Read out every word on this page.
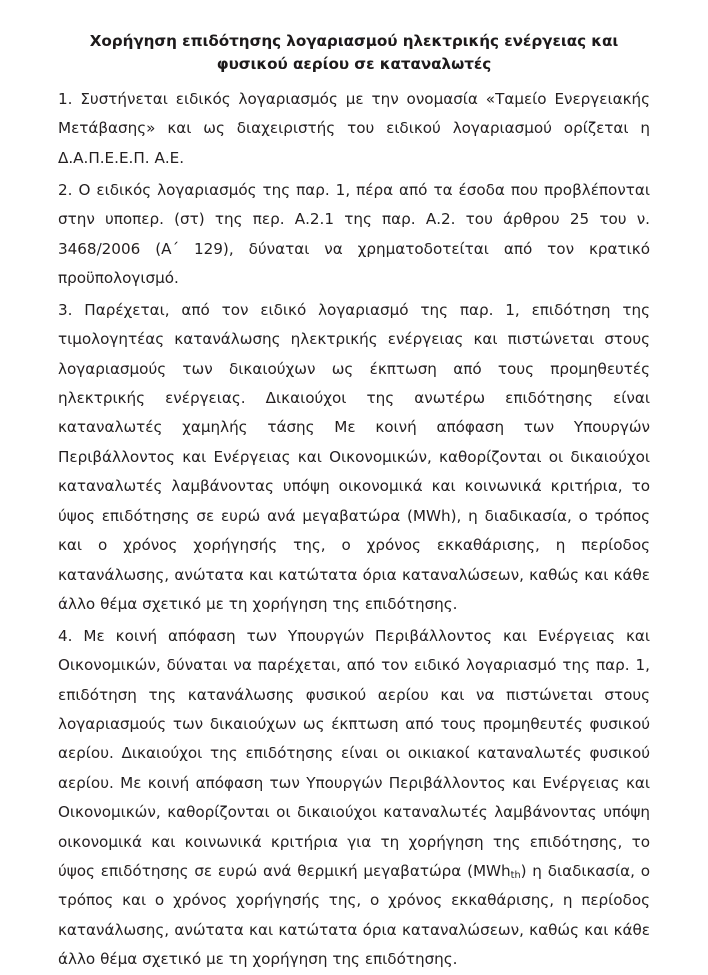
Χορήγηση επιδότησης λογαριασμού ηλεκτρικής ενέργειας και φυσικού αερίου σε καταναλωτές

1. Συστήνεται ειδικός λογαριασμός με την ονομασία «Ταμείο Ενεργειακής Μετάβασης» και ως διαχειριστής του ειδικού λογαριασμού ορίζεται η Δ.Α.Π.Ε.Ε.Π. Α.Ε.

2. Ο ειδικός λογαριασμός της παρ. 1, πέρα από τα έσοδα που προβλέπονται στην υποπερ. (στ) της περ. Α.2.1 της παρ. Α.2. του άρθρου 25 του ν. 3468/2006 (Α΄ 129), δύναται να χρηματοδοτείται από τον κρατικό προϋπολογισμό.

3. Παρέχεται, από τον ειδικό λογαριασμό της παρ. 1, επιδότηση της τιμολογητέας κατανάλωσης ηλεκτρικής ενέργειας και πιστώνεται στους λογαριασμούς των δικαιούχων ως έκπτωση από τους προμηθευτές ηλεκτρικής ενέργειας. Δικαιούχοι της ανωτέρω επιδότησης είναι καταναλωτές χαμηλής τάσης Με κοινή απόφαση των Υπουργών Περιβάλλοντος και Ενέργειας και Οικονομικών, καθορίζονται οι δικαιούχοι καταναλωτές λαμβάνοντας υπόψη οικονομικά και κοινωνικά κριτήρια, το ύψος επιδότησης σε ευρώ ανά μεγαβατώρα (MWh), η διαδικασία, ο τρόπος και ο χρόνος χορήγησής της, ο χρόνος εκκαθάρισης, η περίοδος κατανάλωσης, ανώτατα και κατώτατα όρια καταναλώσεων, καθώς και κάθε άλλο θέμα σχετικό με τη χορήγηση της επιδότησης.

4. Με κοινή απόφαση των Υπουργών Περιβάλλοντος και Ενέργειας και Οικονομικών, δύναται να παρέχεται, από τον ειδικό λογαριασμό της παρ. 1, επιδότηση της κατανάλωσης φυσικού αερίου και να πιστώνεται στους λογαριασμούς των δικαιούχων ως έκπτωση από τους προμηθευτές φυσικού αερίου. Δικαιούχοι της επιδότησης είναι οι οικιακοί καταναλωτές φυσικού αερίου. Με κοινή απόφαση των Υπουργών Περιβάλλοντος και Ενέργειας και Οικονομικών, καθορίζονται οι δικαιούχοι καταναλωτές λαμβάνοντας υπόψη οικονομικά και κοινωνικά κριτήρια για τη χορήγηση της επιδότησης, το ύψος επιδότησης σε ευρώ ανά θερμική μεγαβατώρα (MWh$_{th}$) η διαδικασία, ο τρόπος και ο χρόνος χορήγησής της, ο χρόνος εκκαθάρισης, η περίοδος κατανάλωσης, ανώτατα και κατώτατα όρια καταναλώσεων, καθώς και κάθε άλλο θέμα σχετικό με τη χορήγηση της επιδότησης.
